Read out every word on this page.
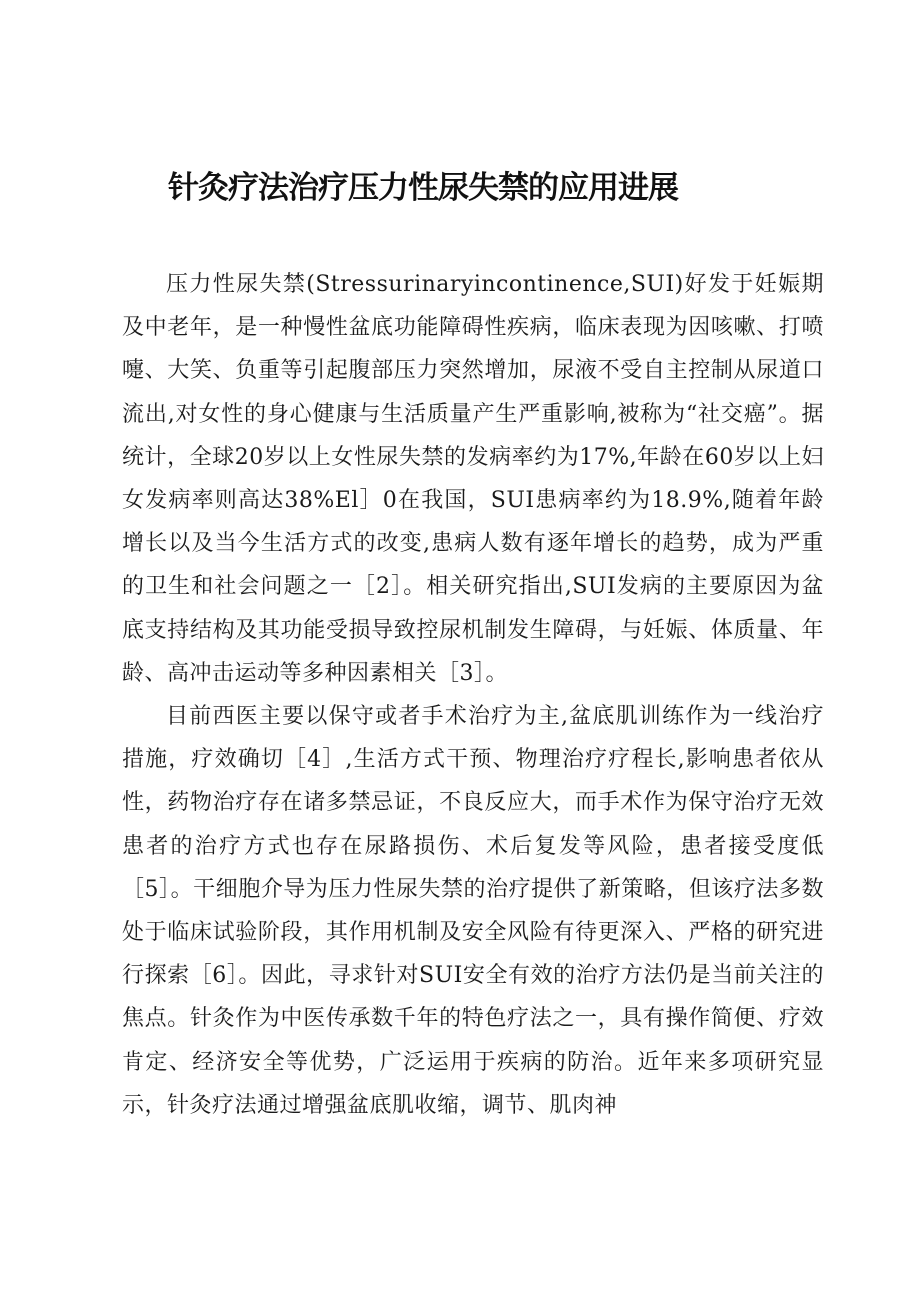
针灸疗法治疗压力性尿失禁的应用进展

压力性尿失禁(Stressurinaryincontinence,SUI)好发于妊娠期及中老年，是一种慢性盆底功能障碍性疾病，临床表现为因咳嗽、打喷嚏、大笑、负重等引起腹部压力突然增加，尿液不受自主控制从尿道口流出,对女性的身心健康与生活质量产生严重影响,被称为“社交癌”。据统计，全球20岁以上女性尿失禁的发病率约为17%,年龄在60岁以上妇女发病率则高达38%El］0在我国，SUI患病率约为18.9%,随着年龄增长以及当今生活方式的改变,患病人数有逐年增长的趋势，成为严重的卫生和社会问题之一［2］。相关研究指出,SUI发病的主要原因为盆底支持结构及其功能受损导致控尿机制发生障碍，与妊娠、体质量、年龄、高冲击运动等多种因素相关［3］。

目前西医主要以保守或者手术治疗为主,盆底肌训练作为一线治疗措施，疗效确切［4］,生活方式干预、物理治疗疗程长,影响患者依从性，药物治疗存在诸多禁忌证，不良反应大，而手术作为保守治疗无效患者的治疗方式也存在尿路损伤、术后复发等风险，患者接受度低［5］。干细胞介导为压力性尿失禁的治疗提供了新策略，但该疗法多数处于临床试验阶段，其作用机制及安全风险有待更深入、严格的研究进行探索［6］。因此，寻求针对SUI安全有效的治疗方法仍是当前关注的焦点。针灸作为中医传承数千年的特色疗法之一，具有操作简便、疗效肯定、经济安全等优势，广泛运用于疾病的防治。近年来多项研究显示，针灸疗法通过增强盆底肌收缩，调节、肌肉神
